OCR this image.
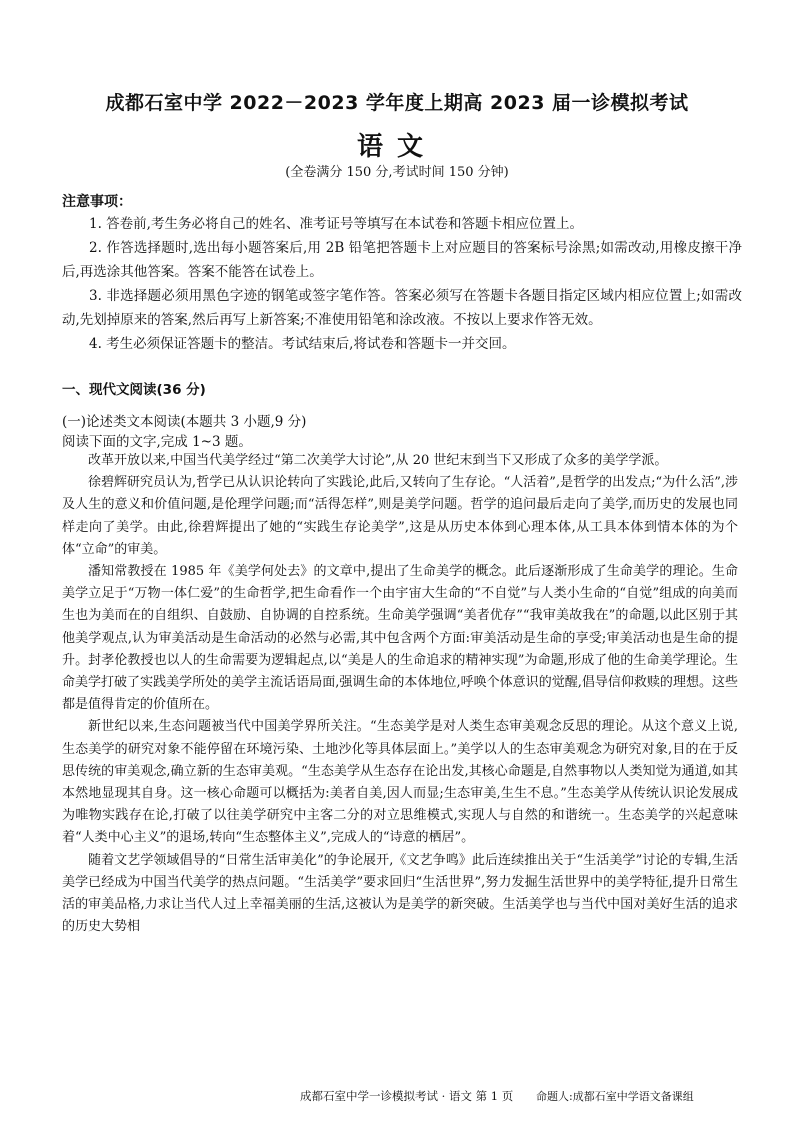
成都石室中学 2022－2023 学年度上期高 2023 届一诊模拟考试
语文
(全卷满分 150 分,考试时间 150 分钟)
注意事项：

1. 答卷前,考生务必将自己的姓名、准考证号等填写在本试卷和答题卡相应位置上。

2. 作答选择题时,选出每小题答案后,用 2B 铅笔把答题卡上对应题目的答案标号涂黑;如需改动,用橡皮擦干净后,再选涂其他答案。答案不能答在试卷上。

3. 非选择题必须用黑色字迹的钢笔或签字笔作答。答案必须写在答题卡各题目指定区域内相应位置上;如需改动,先划掉原来的答案,然后再写上新答案;不准使用铅笔和涂改液。不按以上要求作答无效。

4. 考生必须保证答题卡的整洁。考试结束后,将试卷和答题卡一并交回。

一、现代文阅读(36 分)
(一)论述类文本阅读(本题共 3 小题,9 分)
阅读下面的文字,完成 1~3 题。

改革开放以来,中国当代美学经过“第二次美学大讨论”,从 20 世纪末到当下又形成了众多的美学学派。

徐碧辉研究员认为,哲学已从认识论转向了实践论,此后,又转向了生存论。“人活着”,是哲学的出发点;“为什么活”,涉及人生的意义和价值问题,是伦理学问题;而“活得怎样”,则是美学问题。哲学的追问最后走向了美学,而历史的发展也同样走向了美学。由此,徐碧辉提出了她的“实践生存论美学”,这是从历史本体到心理本体,从工具本体到情本体的为个体“立命”的审美。

潘知常教授在 1985 年《美学何处去》的文章中,提出了生命美学的概念。此后逐渐形成了生命美学的理论。生命美学立足于“万物一体仁爱”的生命哲学,把生命看作一个由宇宙大生命的“不自觉”与人类小生命的“自觉”组成的向美而生也为美而在的自组织、自鼓励、自协调的自控系统。生命美学强调“美者优存”“我审美故我在”的命题,以此区别于其他美学观点,认为审美活动是生命活动的必然与必需,其中包含两个方面:审美活动是生命的享受;审美活动也是生命的提升。封孝伦教授也以人的生命需要为逻辑起点,以“美是人的生命追求的精神实现”为命题,形成了他的生命美学理论。生命美学打破了实践美学所处的美学主流话语局面,强调生命的本体地位,呼唤个体意识的觉醒,倡导信仰救赎的理想。这些都是值得肯定的价值所在。

新世纪以来,生态问题被当代中国美学界所关注。“生态美学是对人类生态审美观念反思的理论。从这个意义上说,生态美学的研究对象不能停留在环境污染、土地沙化等具体层面上。”美学以人的生态审美观念为研究对象,目的在于反思传统的审美观念,确立新的生态审美观。“生态美学从生态存在论出发,其核心命题是,自然事物以人类知觉为通道,如其本然地显现其自身。这一核心命题可以概括为:美者自美,因人而显;生态审美,生生不息。”生态美学从传统认识论发展成为唯物实践存在论,打破了以往美学研究中主客二分的对立思维模式,实现人与自然的和谐统一。生态美学的兴起意味着“人类中心主义”的退场,转向“生态整体主义”,完成人的“诗意的栖居”。

随着文艺学领域倡导的“日常生活审美化”的争论展开,《文艺争鸣》此后连续推出关于“生活美学”讨论的专辑,生活美学已经成为中国当代美学的热点问题。“生活美学”要求回归“生活世界”,努力发掘生活世界中的美学特征,提升日常生活的审美品格,力求让当代人过上幸福美丽的生活,这被认为是美学的新突破。生活美学也与当代中国对美好生活的追求的历史大势相

成都石室中学一诊模拟考试 · 语文 第 1 页 命题人:成都石室中学语文备课组
